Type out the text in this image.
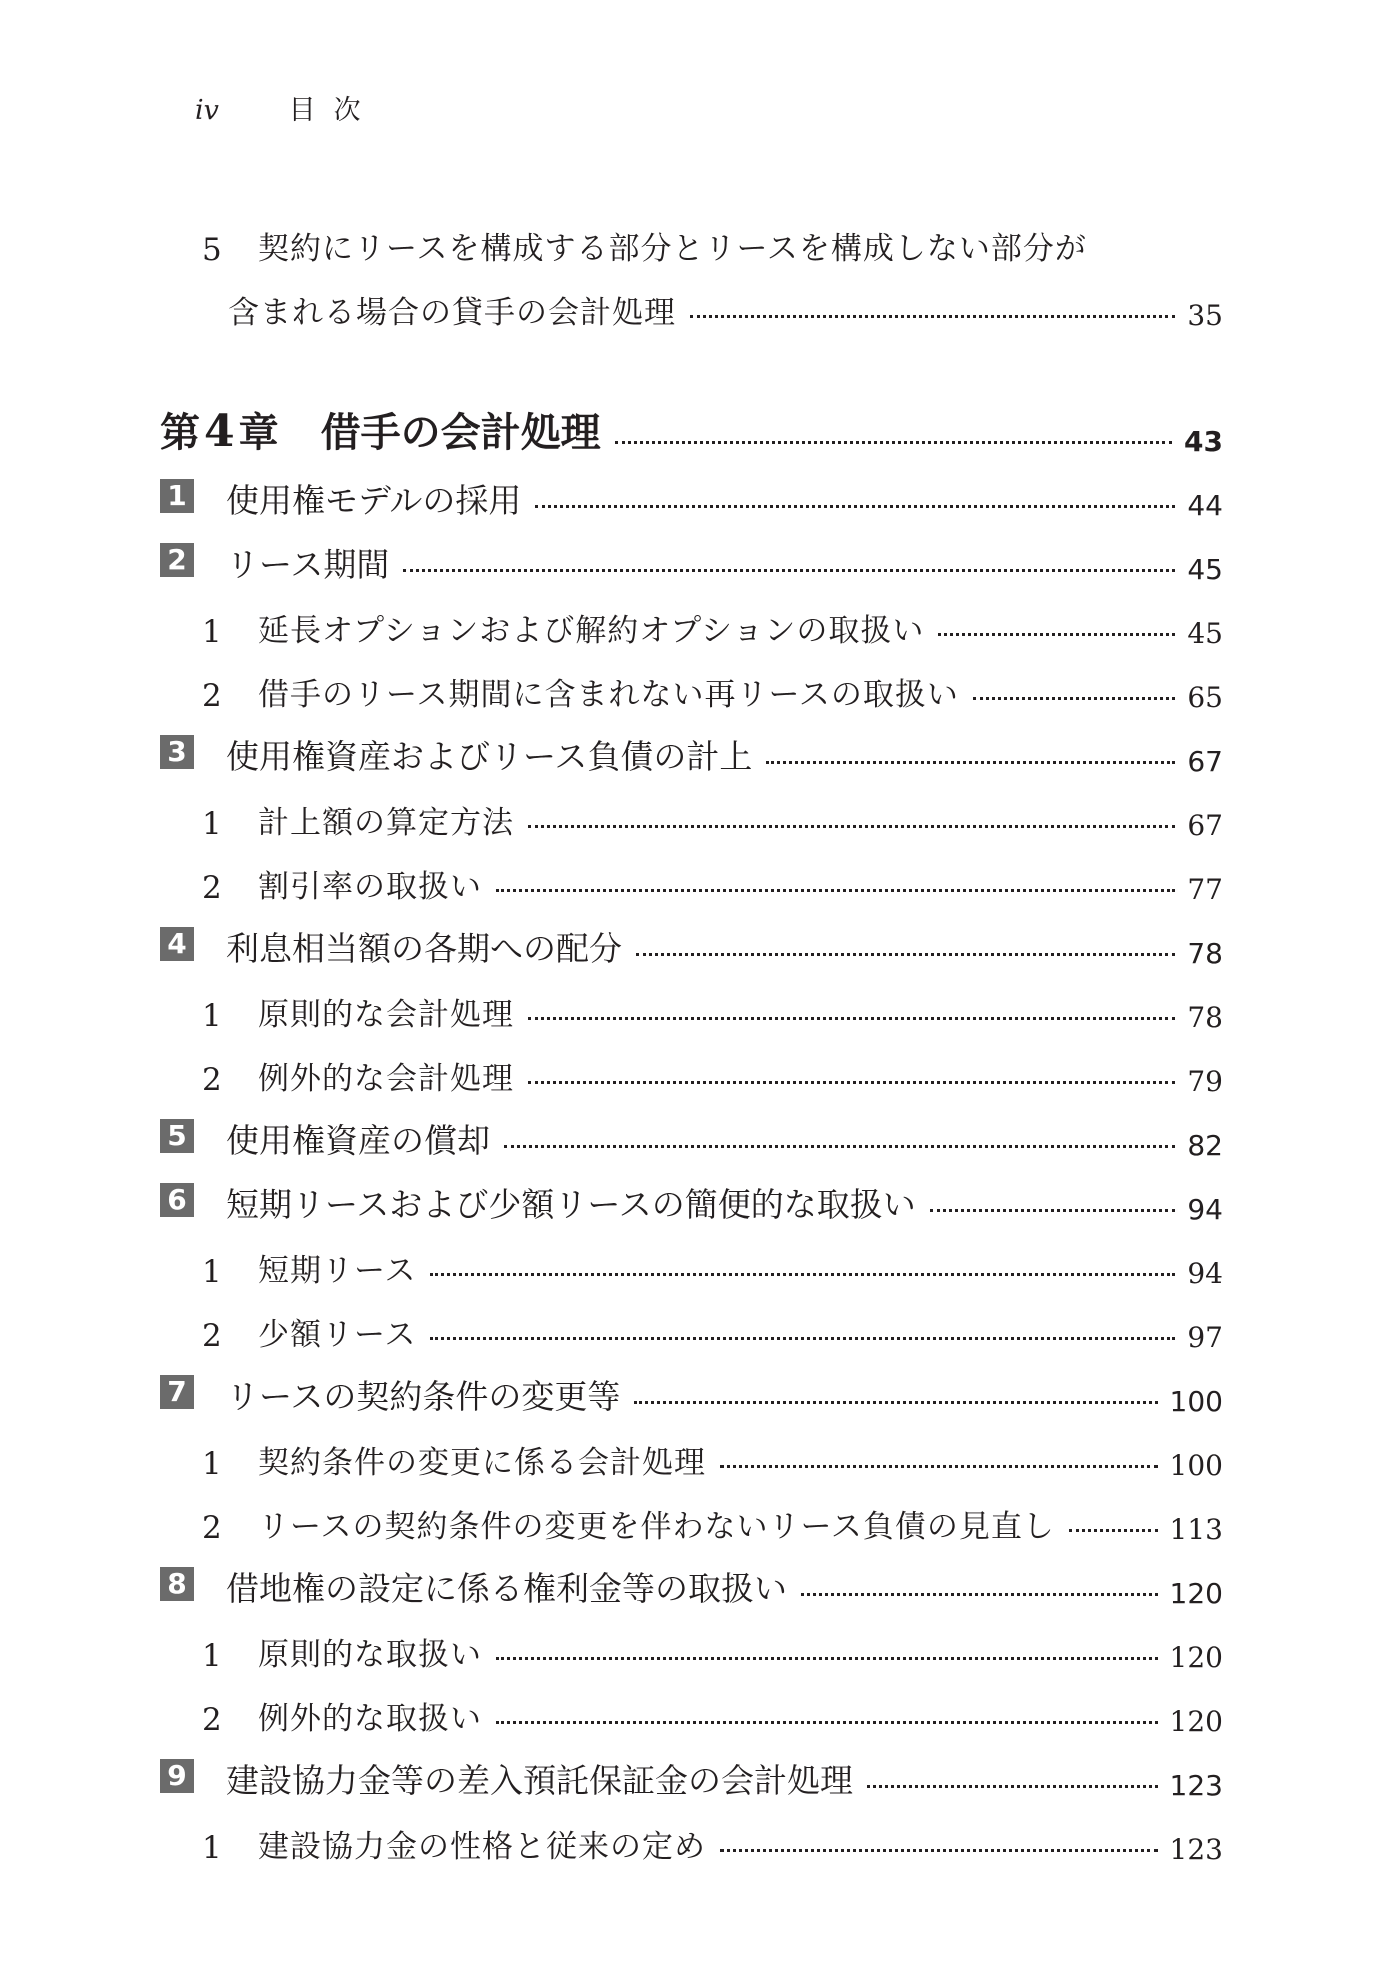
iv	目次
5	契約にリースを構成する部分とリースを構成しない部分が
含まれる場合の貸手の会計処理	35
第4 章 借手の会計処理	43
1 使用権モデルの採用	44
2 リース期間	45
1	延長オプションおよび解約オプションの取扱い	45
2	借手のリース期間に含まれない再リースの取扱い	65
3 使用権資産およびリース負債の計上	67
1	計上額の算定方法	67
2	割引率の取扱い	77
4 利息相当額の各期への配分	78
1	原則的な会計処理	78
2	例外的な会計処理	79
5 使用権資産の償却	82
6 短期リースおよび少額リースの簡便的な取扱い	94
1	短期リース	94
2	少額リース	97
7 リースの契約条件の変更等	100
1	契約条件の変更に係る会計処理	100
2	リースの契約条件の変更を伴わないリース負債の見直し	113
8 借地権の設定に係る権利金等の取扱い	120
1	原則的な取扱い	120
2	例外的な取扱い	120
9 建設協力金等の差入預託保証金の会計処理	123
1	建設協力金の性格と従来の定め	123
